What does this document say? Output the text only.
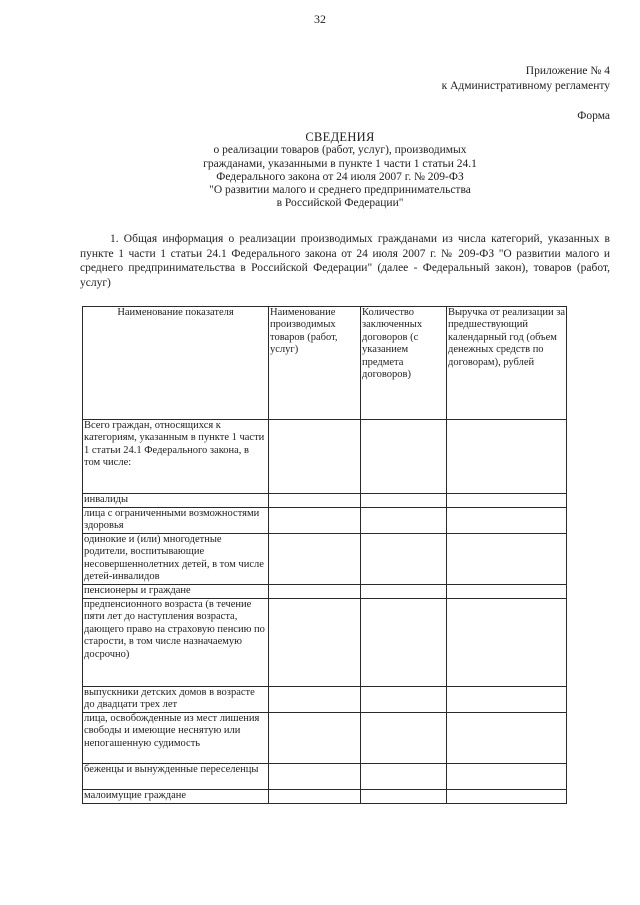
32
Приложение № 4
к Административному регламенту
Форма
СВЕДЕНИЯ
о реализации товаров (работ, услуг), производимых
гражданами, указанными в пункте 1 части 1 статьи 24.1
Федерального закона от 24 июля 2007 г. № 209-ФЗ
"О развитии малого и среднего предпринимательства
в Российской Федерации"
1. Общая информация о реализации производимых гражданами из числа категорий, указанных в пункте 1 части 1 статьи 24.1 Федерального закона от 24 июля 2007 г. № 209-ФЗ "О развитии малого и среднего предпринимательства в Российской Федерации" (далее - Федеральный закон), товаров (работ, услуг)
Наименование показателя	Наименование производимых товаров (работ, услуг)	Количество заключенных договоров (с указанием предмета договоров)	Выручка от реализации за предшествующий календарный год (объем денежных средств по договорам), рублей
Всего граждан, относящихся к категориям, указанным в пункте 1 части 1 статьи 24.1 Федерального закона, в том числе:			
инвалиды			
лица с ограниченными возможностями здоровья			
одинокие и (или) многодетные родители, воспитывающие несовершеннолетних детей, в том числе детей-инвалидов			
пенсионеры и граждане			
предпенсионного возраста (в течение пяти лет до наступления возраста, дающего право на страховую пенсию по старости, в том числе назначаемую досрочно)			
выпускники детских домов в возрасте до двадцати трех лет			
лица, освобожденные из мест лишения свободы и имеющие неснятую или непогашенную судимость			
беженцы и вынужденные переселенцы			
малоимущие граждане			
